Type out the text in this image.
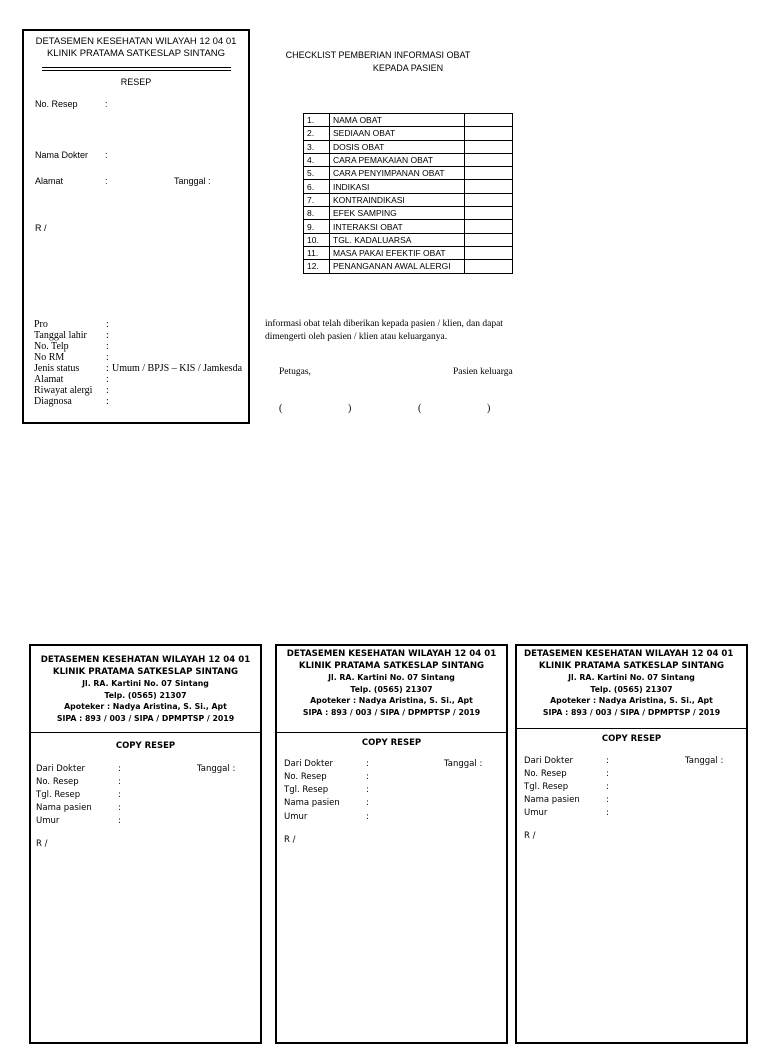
DETASEMEN KESEHATAN WILAYAH 12 04 01
KLINIK PRATAMA SATKESLAP SINTANG
RESEP
No. Resep	:
Nama Dokter :
Alamat	:	Tanggal :
R /
Pro	:
Tanggal lahir	:
No. Telp	:
No RM	:
Jenis status	: Umum / BPJS – KIS / Jamkesda
Alamat	:
Riwayat alergi	:
Diagnosa	:
CHECKLIST PEMBERIAN INFORMASI OBAT
KEPADA PASIEN
1.	NAMA OBAT	
2.	SEDIAAN OBAT	
3.	DOSIS OBAT	
4.	CARA PEMAKAIAN OBAT	
5.	CARA PENYIMPANAN OBAT	
6.	INDIKASI	
7.	KONTRAINDIKASI	
8.	EFEK SAMPING	
9.	INTERAKSI OBAT	
10.	TGL. KADALUARSA	
11.	MASA PAKAI EFEKTIF OBAT	
12.	PENANGANAN AWAL ALERGI	
informasi obat telah diberikan kepada pasien / klien, dan dapat
dimengerti oleh pasien / klien atau keluarganya.
Petugas,	Pasien keluarga
(	)	(	)
DETASEMEN KESEHATAN WILAYAH 12 04 01
KLINIK PRATAMA SATKESLAP SINTANG
Jl. RA. Kartini No. 07 Sintang
Telp. (0565) 21307
Apoteker : Nadya Aristina, S. Si., Apt
SIPA : 893 / 003 / SIPA / DPMPTSP / 2019
COPY RESEP
Dari Dokter	:	Tanggal :
No. Resep	:
Tgl. Resep	:
Nama pasien	:
Umur	:
R /
DETASEMEN KESEHATAN WILAYAH 12 04 01
KLINIK PRATAMA SATKESLAP SINTANG
Jl. RA. Kartini No. 07 Sintang
Telp. (0565) 21307
Apoteker : Nadya Aristina, S. Si., Apt
SIPA : 893 / 003 / SIPA / DPMPTSP / 2019
COPY RESEP
Dari Dokter	:	Tanggal :
No. Resep	:
Tgl. Resep	:
Nama pasien	:
Umur	:
R /
DETASEMEN KESEHATAN WILAYAH 12 04 01
KLINIK PRATAMA SATKESLAP SINTANG
Jl. RA. Kartini No. 07 Sintang
Telp. (0565) 21307
Apoteker : Nadya Aristina, S. Si., Apt
SIPA : 893 / 003 / SIPA / DPMPTSP / 2019
COPY RESEP
Dari Dokter	:	Tanggal :
No. Resep	:
Tgl. Resep	:
Nama pasien	:
Umur	:
R /
